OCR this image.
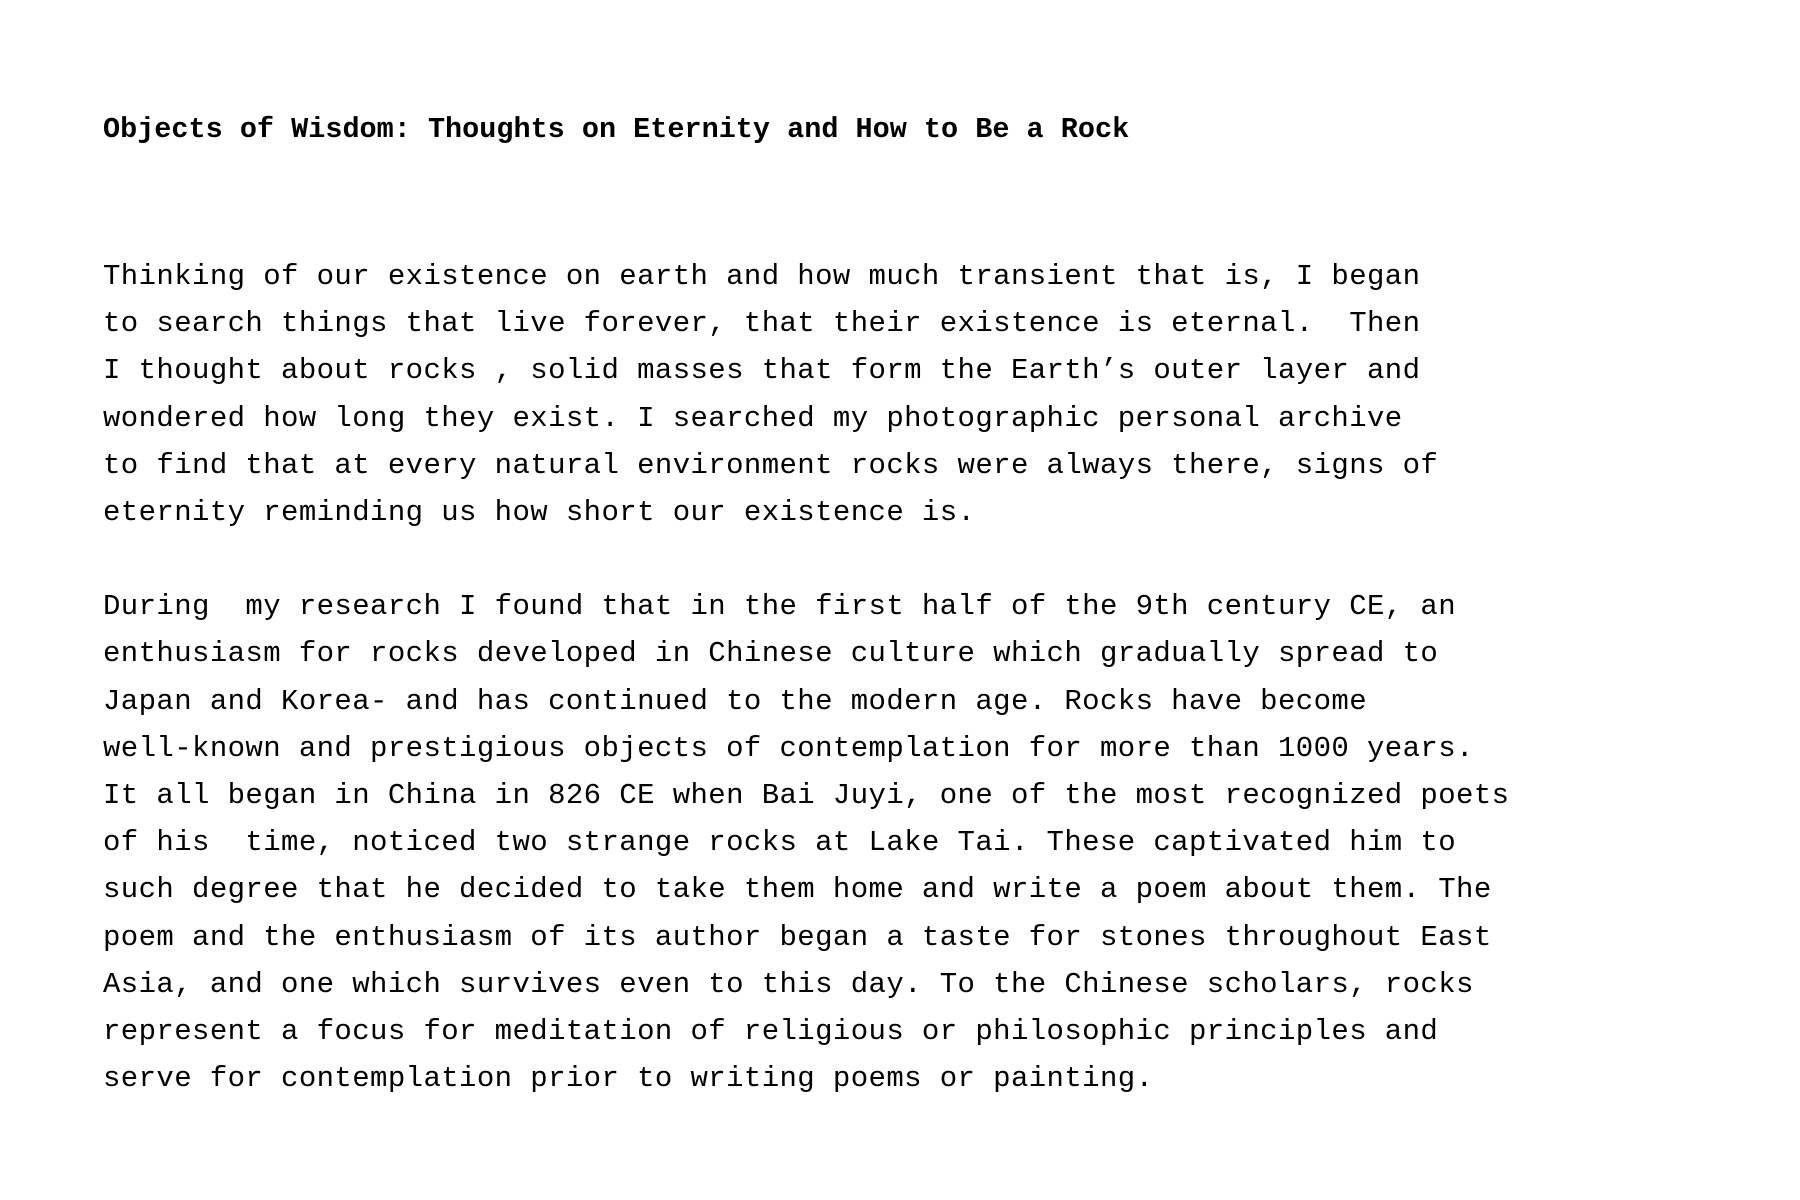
Objects of Wisdom: Thoughts on Eternity and How to Be a Rock

Thinking of our existence on earth and how much transient that is, I began
to search things that live forever, that their existence is eternal.  Then
I thought about rocks , solid masses that form the Earth’s outer layer and
wondered how long they exist. I searched my photographic personal archive
to find that at every natural environment rocks were always there, signs of
eternity reminding us how short our existence is.

During  my research I found that in the first half of the 9th century CE, an
enthusiasm for rocks developed in Chinese culture which gradually spread to
Japan and Korea- and has continued to the modern age. Rocks have become
well-known and prestigious objects of contemplation for more than 1000 years.
It all began in China in 826 CE when Bai Juyi, one of the most recognized poets
of his  time, noticed two strange rocks at Lake Tai. These captivated him to
such degree that he decided to take them home and write a poem about them. The
poem and the enthusiasm of its author began a taste for stones throughout East
Asia, and one which survives even to this day. To the Chinese scholars, rocks
represent a focus for meditation of religious or philosophic principles and
serve for contemplation prior to writing poems or painting.
